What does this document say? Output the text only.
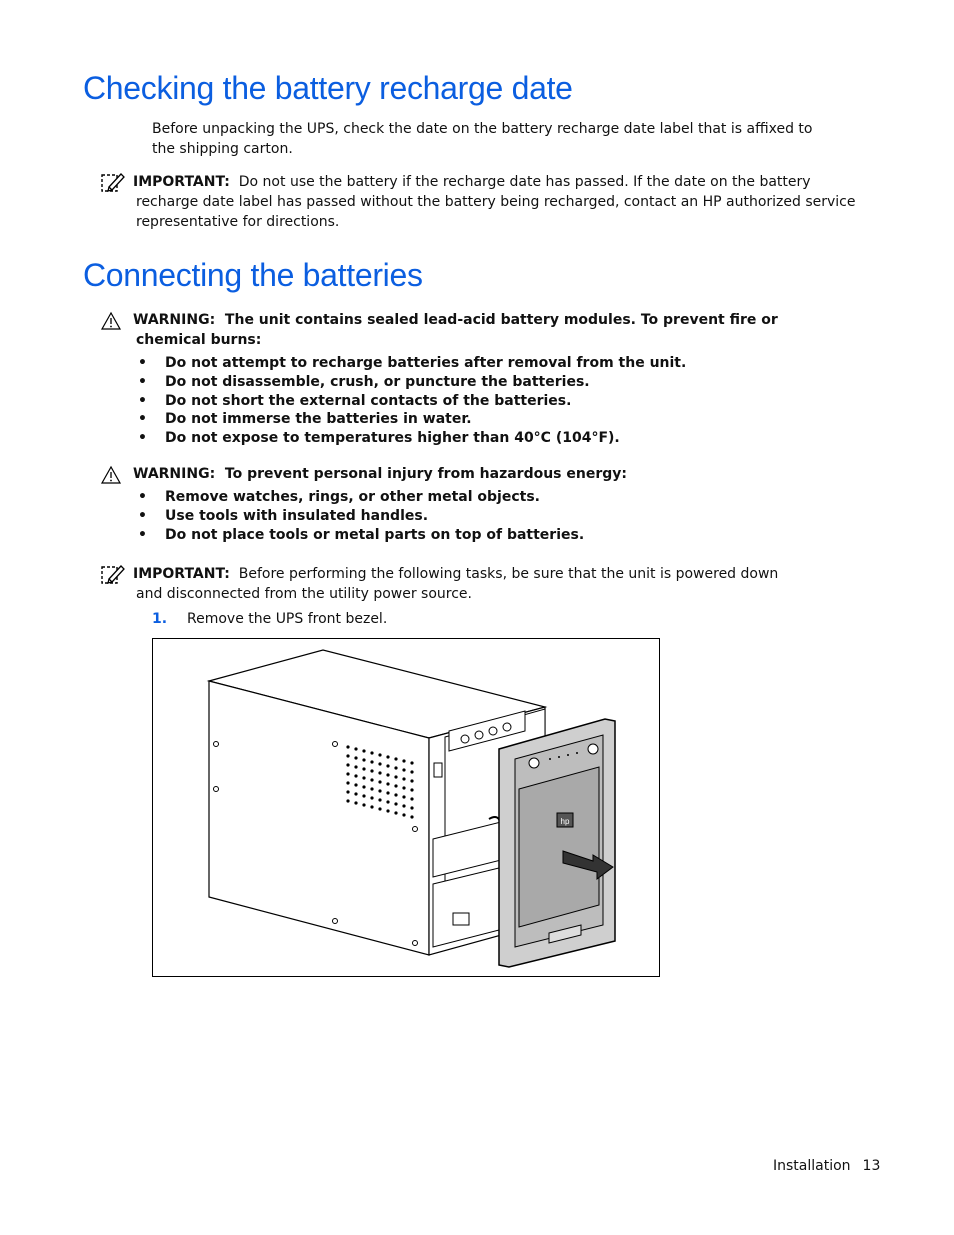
Checking the battery recharge date
Before unpacking the UPS, check the date on the battery recharge date label that is affixed to the shipping carton.
IMPORTANT: Do not use the battery if the recharge date has passed. If the date on the battery recharge date label has passed without the battery being recharged, contact an HP authorized service representative for directions.
Connecting the batteries
WARNING: The unit contains sealed lead-acid battery modules. To prevent fire or chemical burns:
• Do not attempt to recharge batteries after removal from the unit.
• Do not disassemble, crush, or puncture the batteries.
• Do not short the external contacts of the batteries.
• Do not immerse the batteries in water.
• Do not expose to temperatures higher than 40°C (104°F).
WARNING: To prevent personal injury from hazardous energy:
• Remove watches, rings, or other metal objects.
• Use tools with insulated handles.
• Do not place tools or metal parts on top of batteries.
IMPORTANT: Before performing the following tasks, be sure that the unit is powered down and disconnected from the utility power source.
1. Remove the UPS front bezel.
hp
Installation 13
